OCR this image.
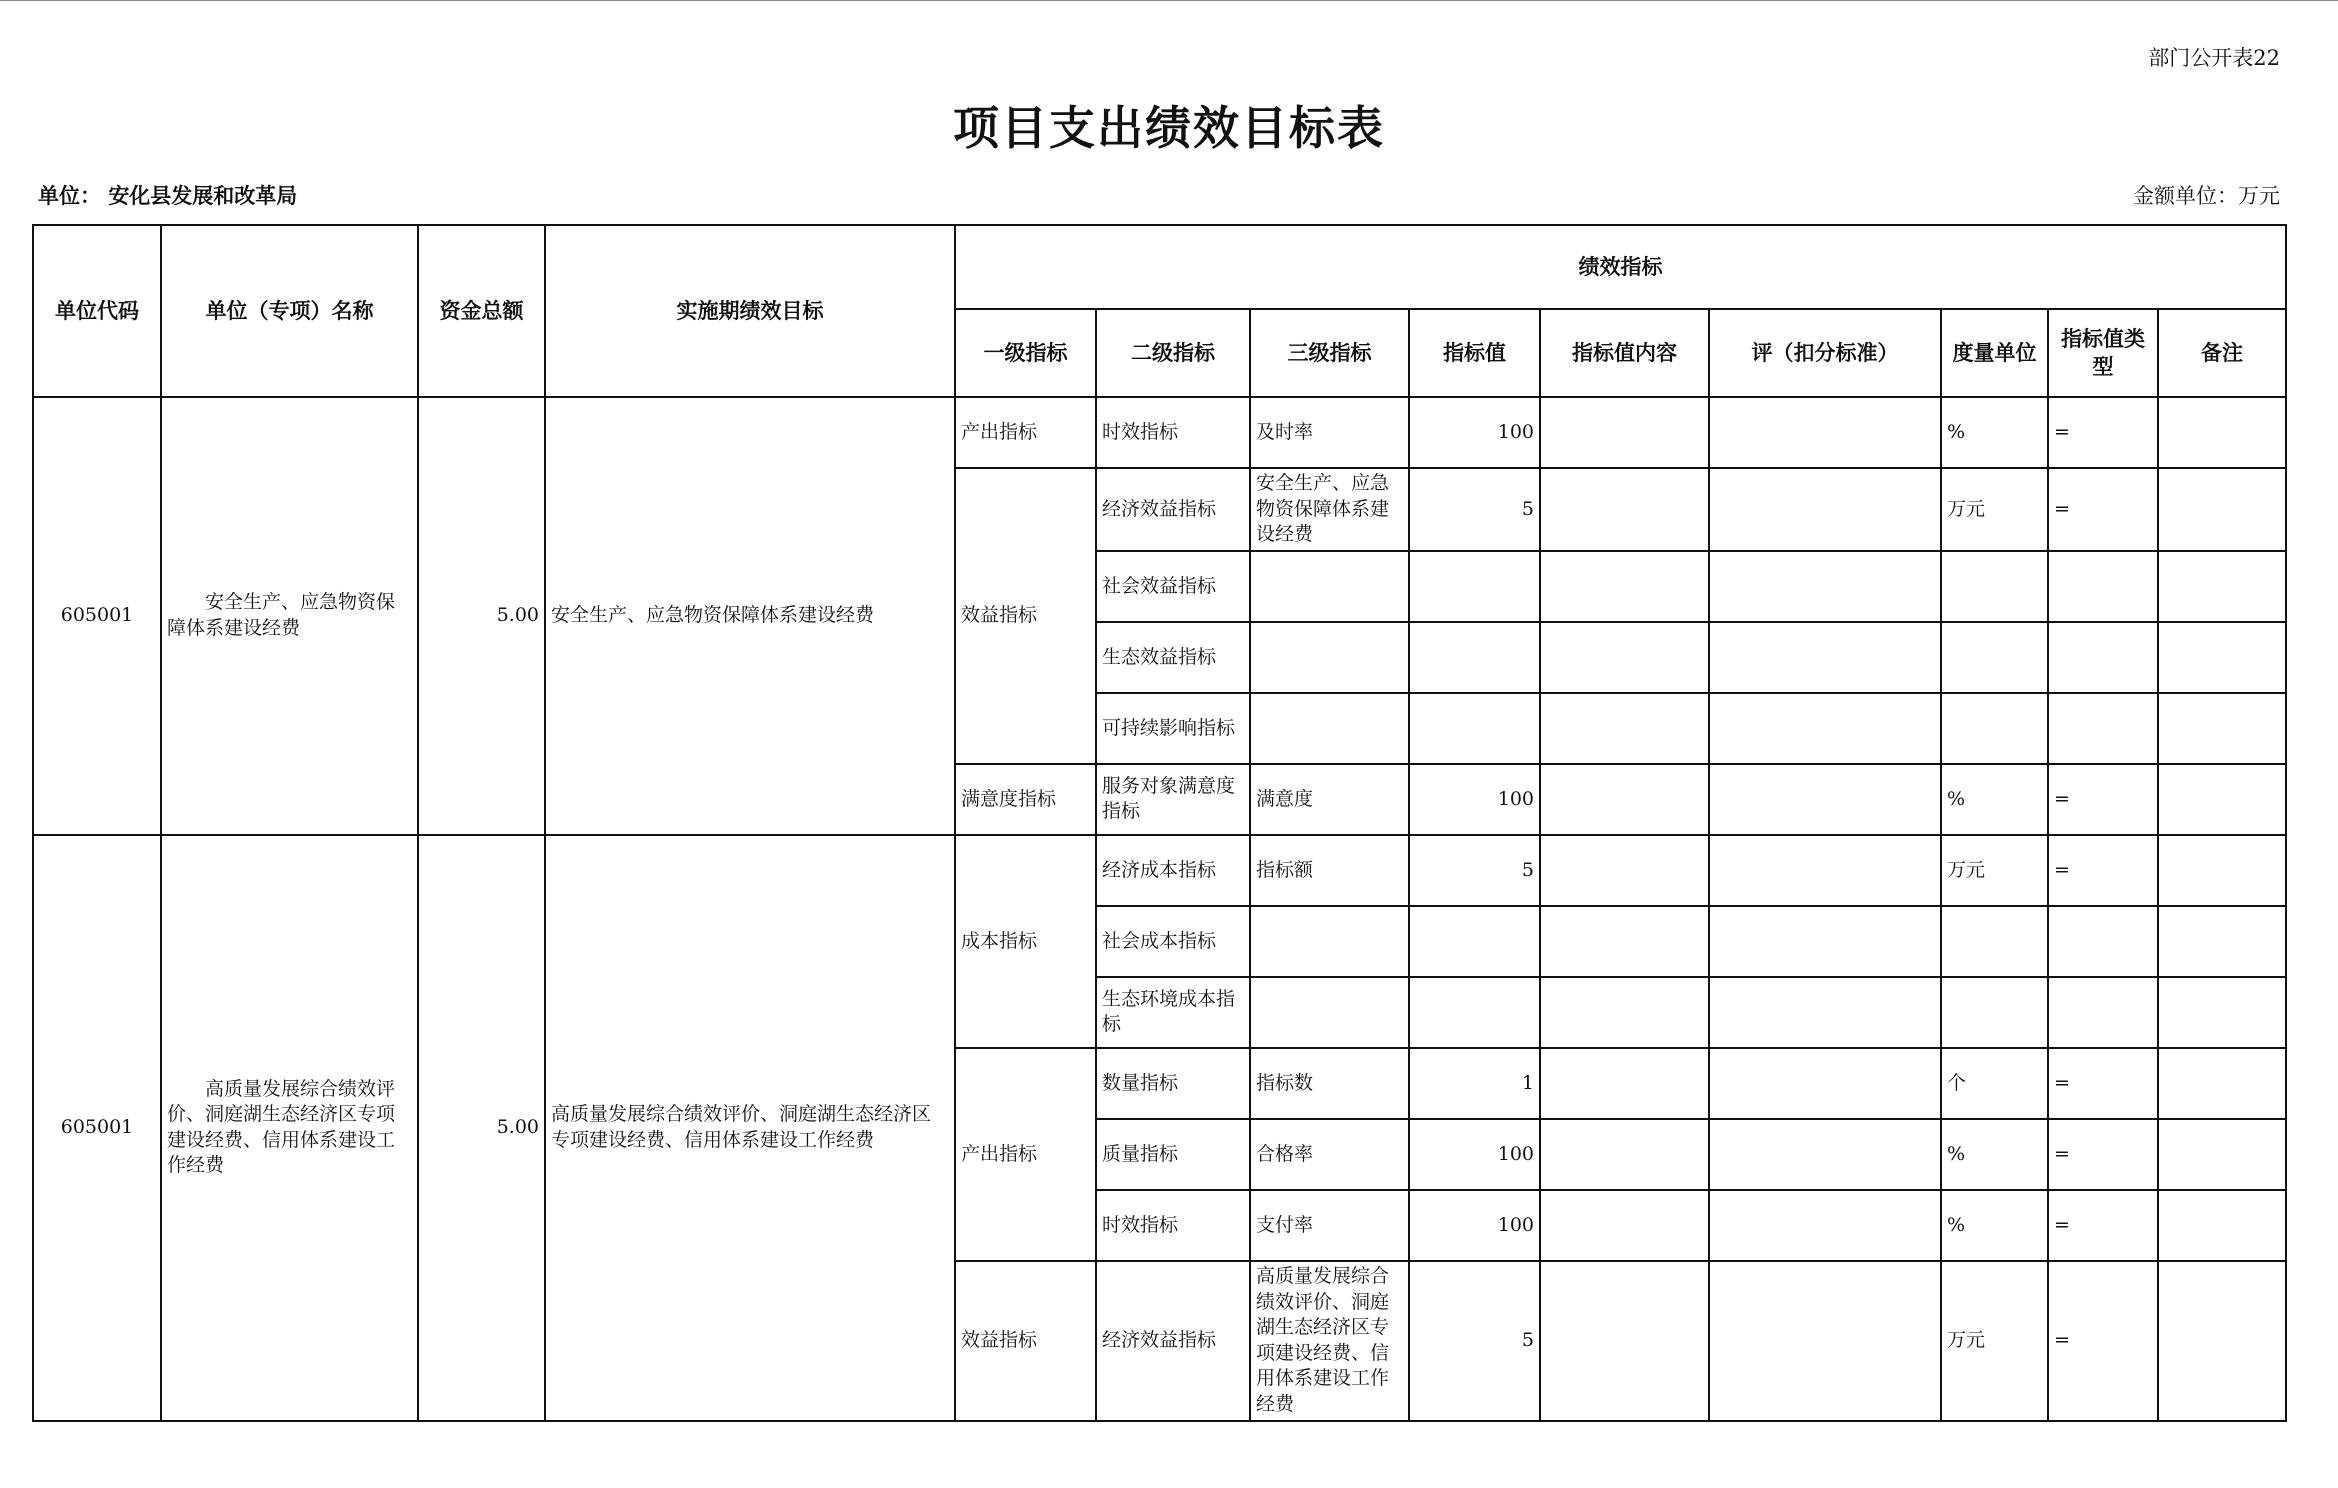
部门公开表22
项目支出绩效目标表
单位： 安化县发展和改革局	金额单位：万元
单位代码	单位（专项）名称	资金总额	实施期绩效目标	绩效指标								
				一级指标	二级指标	三级指标	指标值	指标值内容	评（扣分标准）	度量单位	指标值类型	备注
605001	安全生产、应急物资保障体系建设经费	5.00	安全生产、应急物资保障体系建设经费	产出指标	时效指标	及时率	100			%	=	
				效益指标	经济效益指标	安全生产、应急物资保障体系建设经费	5			万元	=	
					社会效益指标							
					生态效益指标							
					可持续影响指标							
				满意度指标	服务对象满意度指标	满意度	100			%	=	
605001	高质量发展综合绩效评价、洞庭湖生态经济区专项建设经费、信用体系建设工作经费	5.00	高质量发展综合绩效评价、洞庭湖生态经济区专项建设经费、信用体系建设工作经费	成本指标	经济成本指标	指标额	5			万元	=	
					社会成本指标							
					生态环境成本指标							
				产出指标	数量指标	指标数	1			个	=	
					质量指标	合格率	100			%	=	
					时效指标	支付率	100			%	=	
				效益指标	经济效益指标	高质量发展综合绩效评价、洞庭湖生态经济区专项建设经费、信用体系建设工作经费	5			万元	=	
